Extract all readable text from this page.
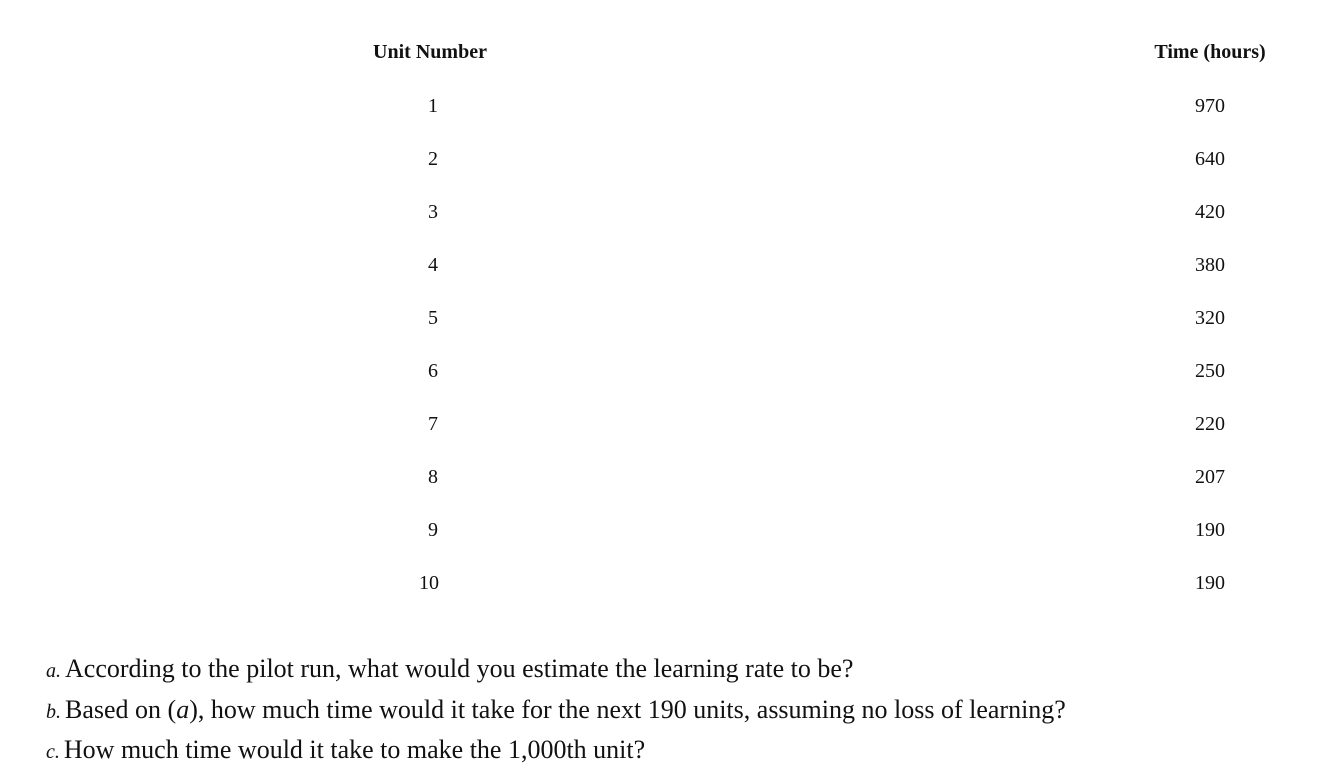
Unit Number	Time (hours)
1	970
2	640
3	420
4	380
5	320
6	250
7	220
8	207
9	190
10	190
a. According to the pilot run, what would you estimate the learning rate to be?
b. Based on (a), how much time would it take for the next 190 units, assuming no loss of learning?
c. How much time would it take to make the 1,000th unit?
